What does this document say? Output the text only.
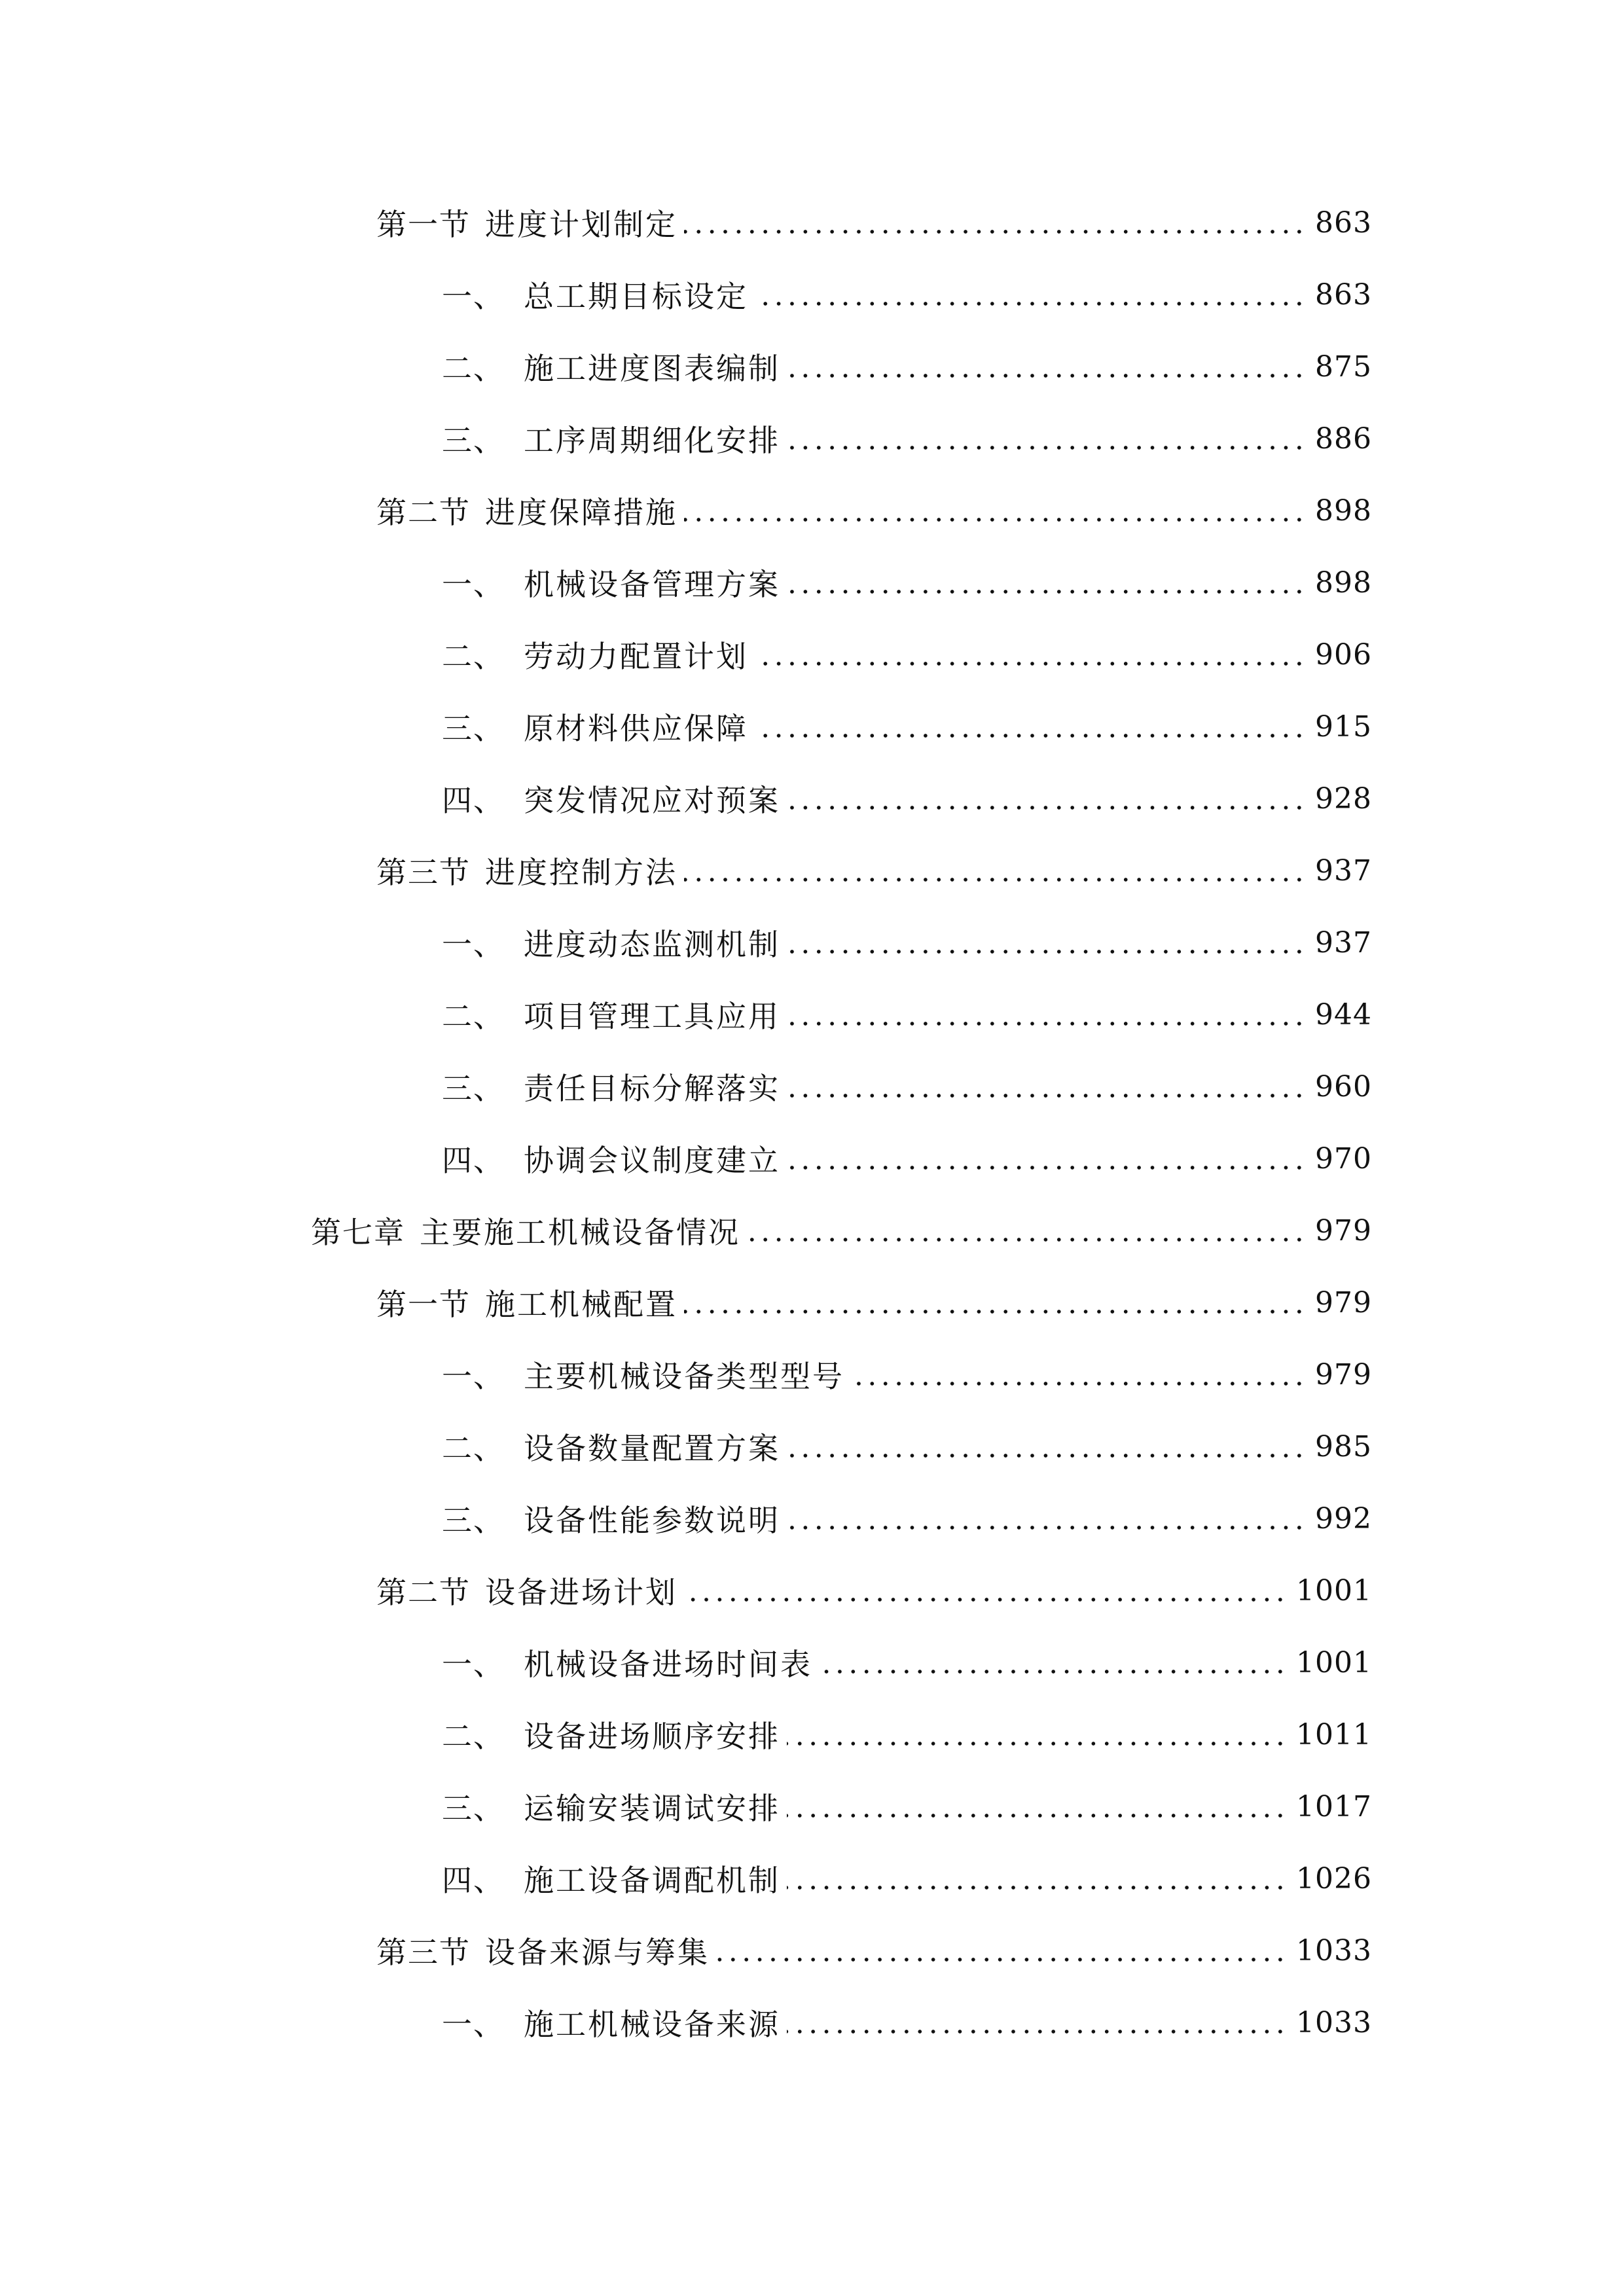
第一节 进度计划制定	863
一、 总工期目标设定	863
二、 施工进度图表编制	875
三、 工序周期细化安排	886
第二节 进度保障措施	898
一、 机械设备管理方案	898
二、 劳动力配置计划	906
三、 原材料供应保障	915
四、 突发情况应对预案	928
第三节 进度控制方法	937
一、 进度动态监测机制	937
二、 项目管理工具应用	944
三、 责任目标分解落实	960
四、 协调会议制度建立	970
第七章 主要施工机械设备情况	979
第一节 施工机械配置	979
一、 主要机械设备类型型号	979
二、 设备数量配置方案	985
三、 设备性能参数说明	992
第二节 设备进场计划	1001
一、 机械设备进场时间表	1001
二、 设备进场顺序安排	1011
三、 运输安装调试安排	1017
四、 施工设备调配机制	1026
第三节 设备来源与筹集	1033
一、 施工机械设备来源	1033
